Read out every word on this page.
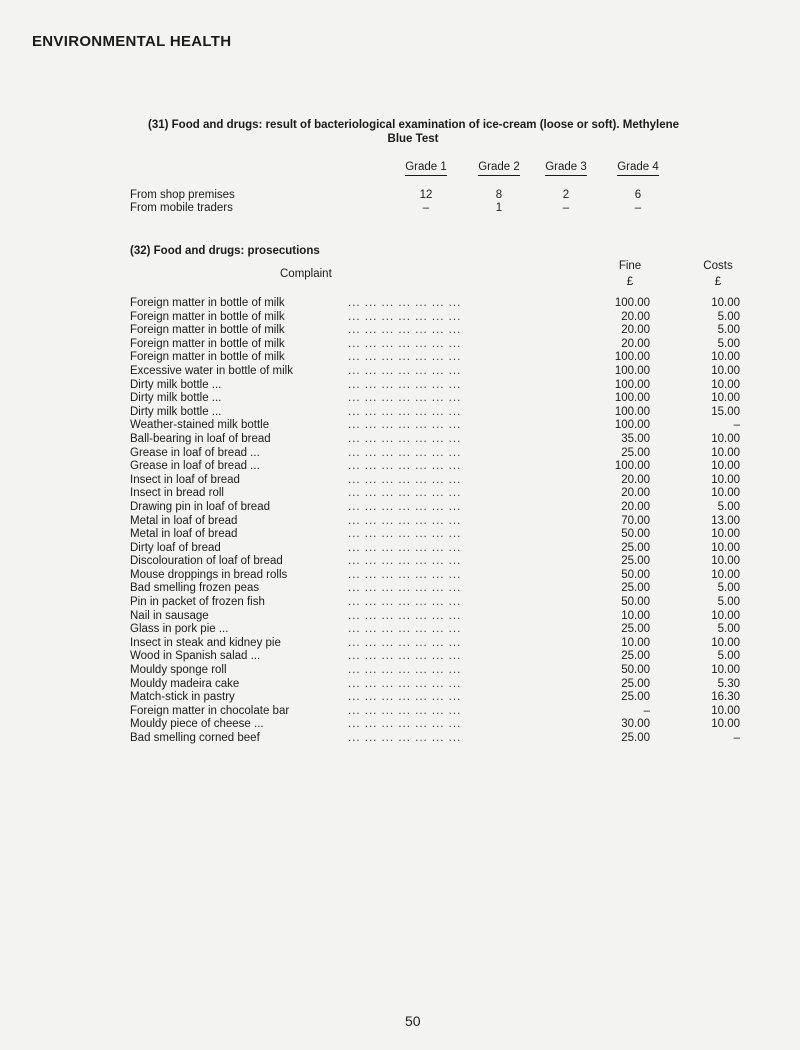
ENVIRONMENTAL HEALTH
(31) Food and drugs: result of bacteriological examination of ice-cream (loose or soft). Methylene
Blue Test
Grade 1	Grade 2	Grade 3	Grade 4
From shop premises	12	8	2	6
From mobile traders	–	1	–	–
(32) Food and drugs: prosecutions
Complaint
Fine
£
Costs
£
Foreign matter in bottle of milk	... ... ... ... ... ... ...	100.00	10.00
Foreign matter in bottle of milk	... ... ... ... ... ... ...	20.00	5.00
Foreign matter in bottle of milk	... ... ... ... ... ... ...	20.00	5.00
Foreign matter in bottle of milk	... ... ... ... ... ... ...	20.00	5.00
Foreign matter in bottle of milk	... ... ... ... ... ... ...	100.00	10.00
Excessive water in bottle of milk	... ... ... ... ... ... ...	100.00	10.00
Dirty milk bottle ...	... ... ... ... ... ... ...	100.00	10.00
Dirty milk bottle ...	... ... ... ... ... ... ...	100.00	10.00
Dirty milk bottle ...	... ... ... ... ... ... ...	100.00	15.00
Weather-stained milk bottle	... ... ... ... ... ... ...	100.00	–
Ball-bearing in loaf of bread	... ... ... ... ... ... ...	35.00	10.00
Grease in loaf of bread ...	... ... ... ... ... ... ...	25.00	10.00
Grease in loaf of bread ...	... ... ... ... ... ... ...	100.00	10.00
Insect in loaf of bread	... ... ... ... ... ... ...	20.00	10.00
Insect in bread roll	... ... ... ... ... ... ...	20.00	10.00
Drawing pin in loaf of bread	... ... ... ... ... ... ...	20.00	5.00
Metal in loaf of bread	... ... ... ... ... ... ...	70.00	13.00
Metal in loaf of bread	... ... ... ... ... ... ...	50.00	10.00
Dirty loaf of bread	... ... ... ... ... ... ...	25.00	10.00
Discolouration of loaf of bread	... ... ... ... ... ... ...	25.00	10.00
Mouse droppings in bread rolls	... ... ... ... ... ... ...	50.00	10.00
Bad smelling frozen peas	... ... ... ... ... ... ...	25.00	5.00
Pin in packet of frozen fish	... ... ... ... ... ... ...	50.00	5.00
Nail in sausage	... ... ... ... ... ... ...	10.00	10.00
Glass in pork pie ...	... ... ... ... ... ... ...	25.00	5.00
Insect in steak and kidney pie	... ... ... ... ... ... ...	10.00	10.00
Wood in Spanish salad ...	... ... ... ... ... ... ...	25.00	5.00
Mouldy sponge roll	... ... ... ... ... ... ...	50.00	10.00
Mouldy madeira cake	... ... ... ... ... ... ...	25.00	5.30
Match-stick in pastry	... ... ... ... ... ... ...	25.00	16.30
Foreign matter in chocolate bar	... ... ... ... ... ... ...	–	10.00
Mouldy piece of cheese ...	... ... ... ... ... ... ...	30.00	10.00
Bad smelling corned beef	... ... ... ... ... ... ...	25.00	–
50
